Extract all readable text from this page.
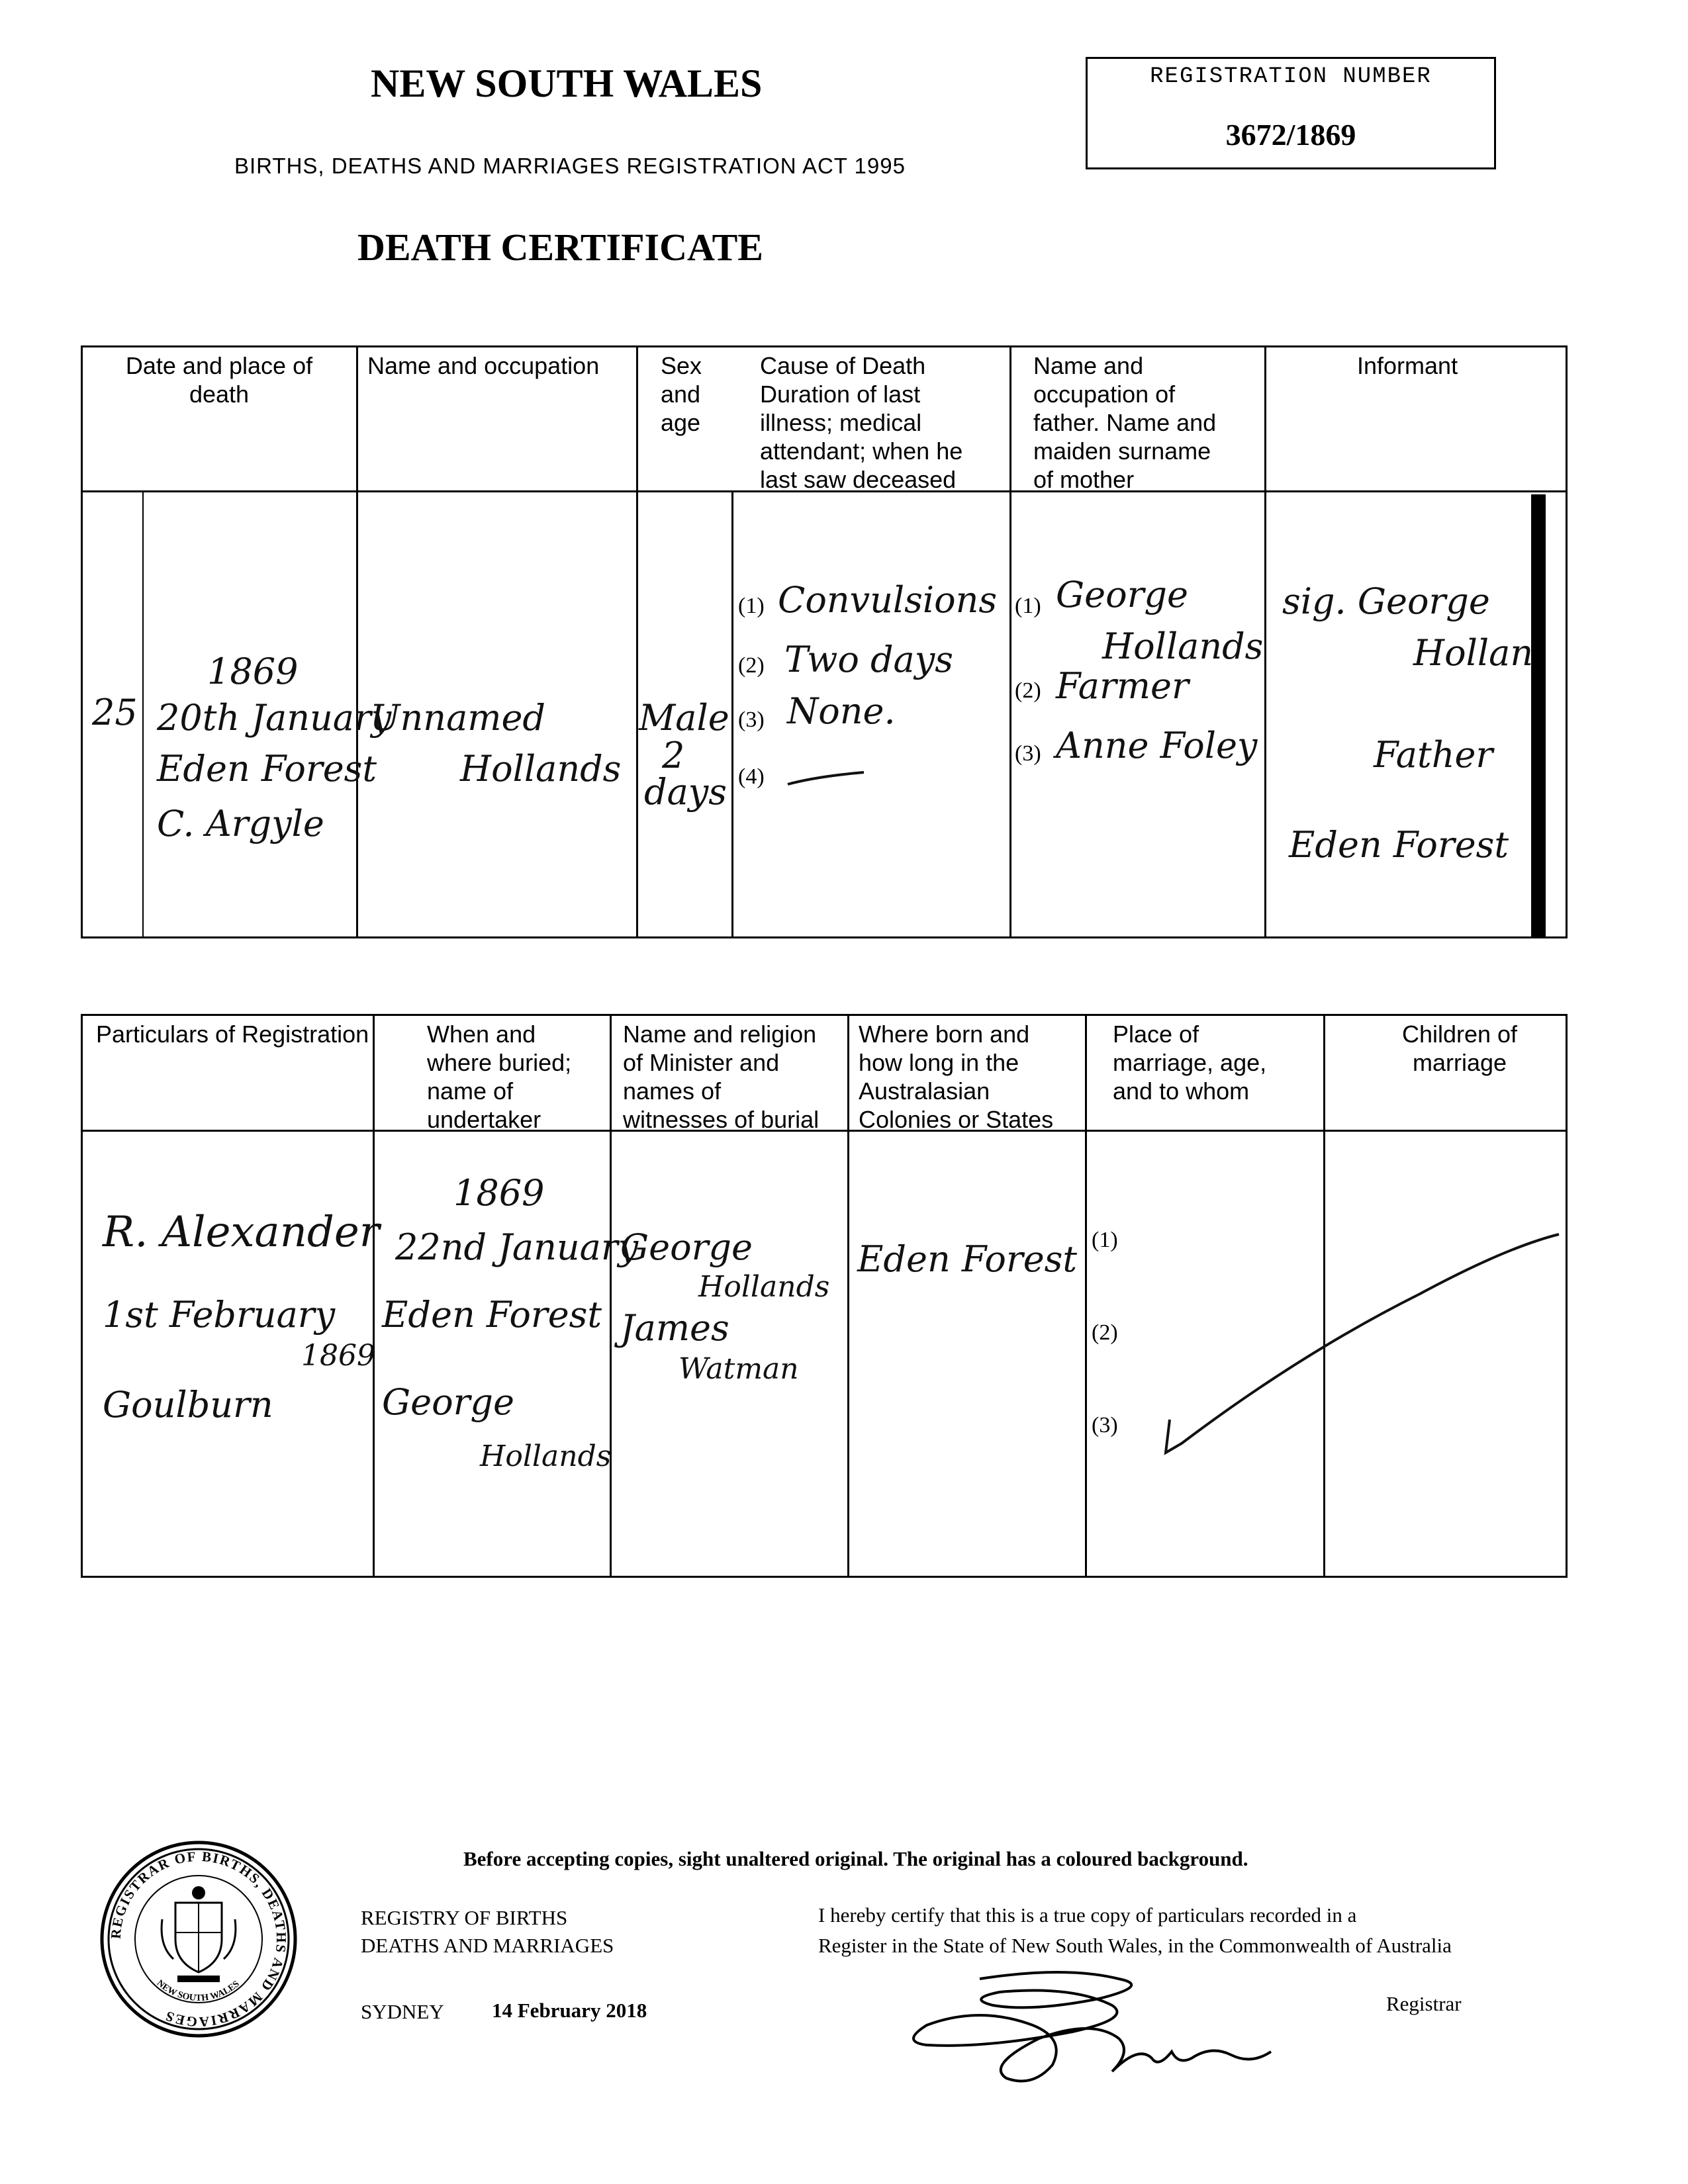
NEW SOUTH WALES
BIRTHS, DEATHS AND MARRIAGES REGISTRATION ACT 1995
DEATH CERTIFICATE
REGISTRATION NUMBER
3672/1869
Date and place of
death
Name and occupation	Sex
and
age
Cause of Death
Duration of last
illness; medical
attendant; when he
last saw deceased
Name and
occupation of
father. Name and
maiden surname
of mother
Informant
25
1869
20th January
Eden Forest
C. Argyle
Unnamed
Hollands
Male
2
days
(1) Convulsions
(2) Two days
(3) None.
(4)
(1) George
Hollands
(2) Farmer
(3) Anne Foley
sig. George
Hollan
Father
Eden Forest
Particulars of Registration When and
where buried;
name of
undertaker
Name and religion
of Minister and
names of
witnesses of burial
Where born and
how long in the
Australasian
Colonies or States
Place of
marriage, age,
and to whom
Children of
marriage
R. Alexander
1st February
1869
Goulburn
1869
22nd January
Eden Forest
George
Hollands
George
Hollands
James
Watman
Eden Forest (1)
(2)
(3)
Before accepting copies, sight unaltered original. The original has a coloured background.
REGISTRAR OF BIRTHS, DEATHS AND MARRIAGES
NEW SOUTH WALES
REGISTRY OF BIRTHS
DEATHS AND MARRIAGES
SYDNEY 14 February 2018
I hereby certify that this is a true copy of particulars recorded in a
Register in the State of New South Wales, in the Commonwealth of Australia
Registrar
